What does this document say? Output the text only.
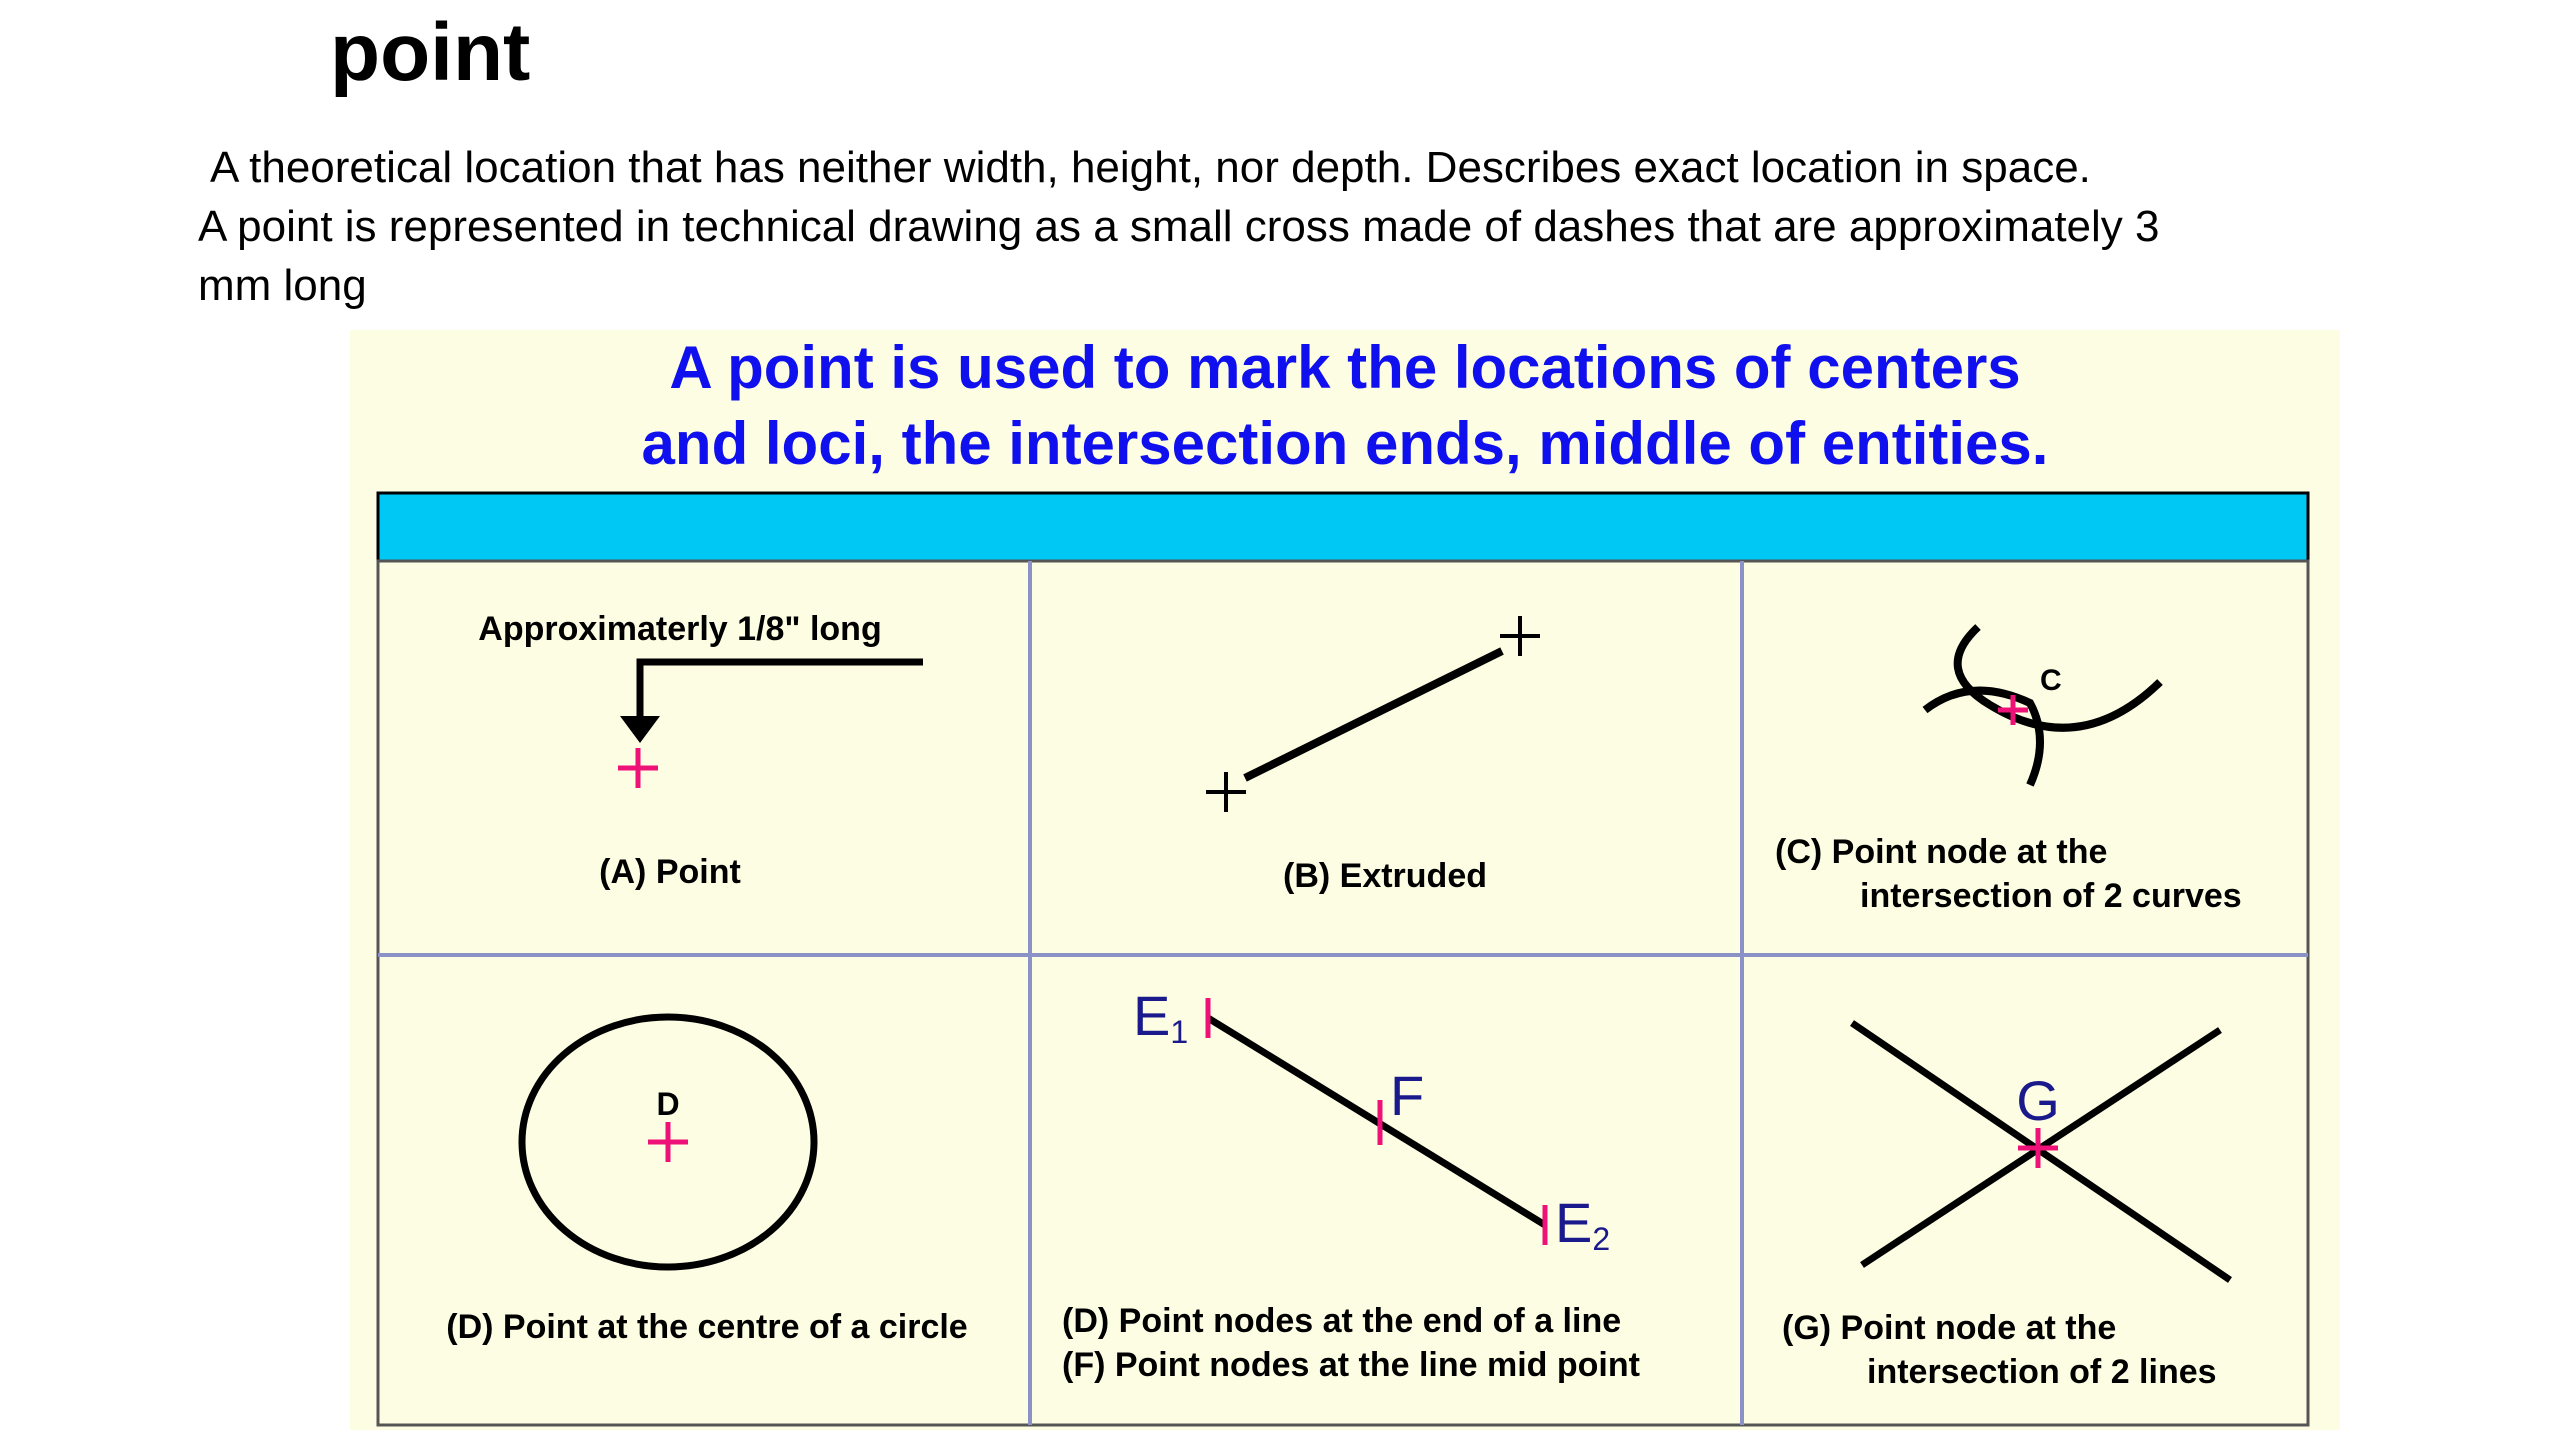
point
A theoretical location that has neither width, height, nor depth. Describes exact location in space.
A point is represented in technical drawing as a small cross made of dashes that are approximately 3
mm long
A point is used to mark the locations of centers
and loci, the intersection ends, middle of entities.
Approximaterly 1/8" long
(A) Point	(B) Extruded
C
(C) Point node at the
intersection of 2 curves
D
(D) Point at the centre of a circle
E1
F
E2
(D) Point nodes at the end of a line
(F) Point nodes at the line mid point
G
(G) Point node at the
intersection of 2 lines
